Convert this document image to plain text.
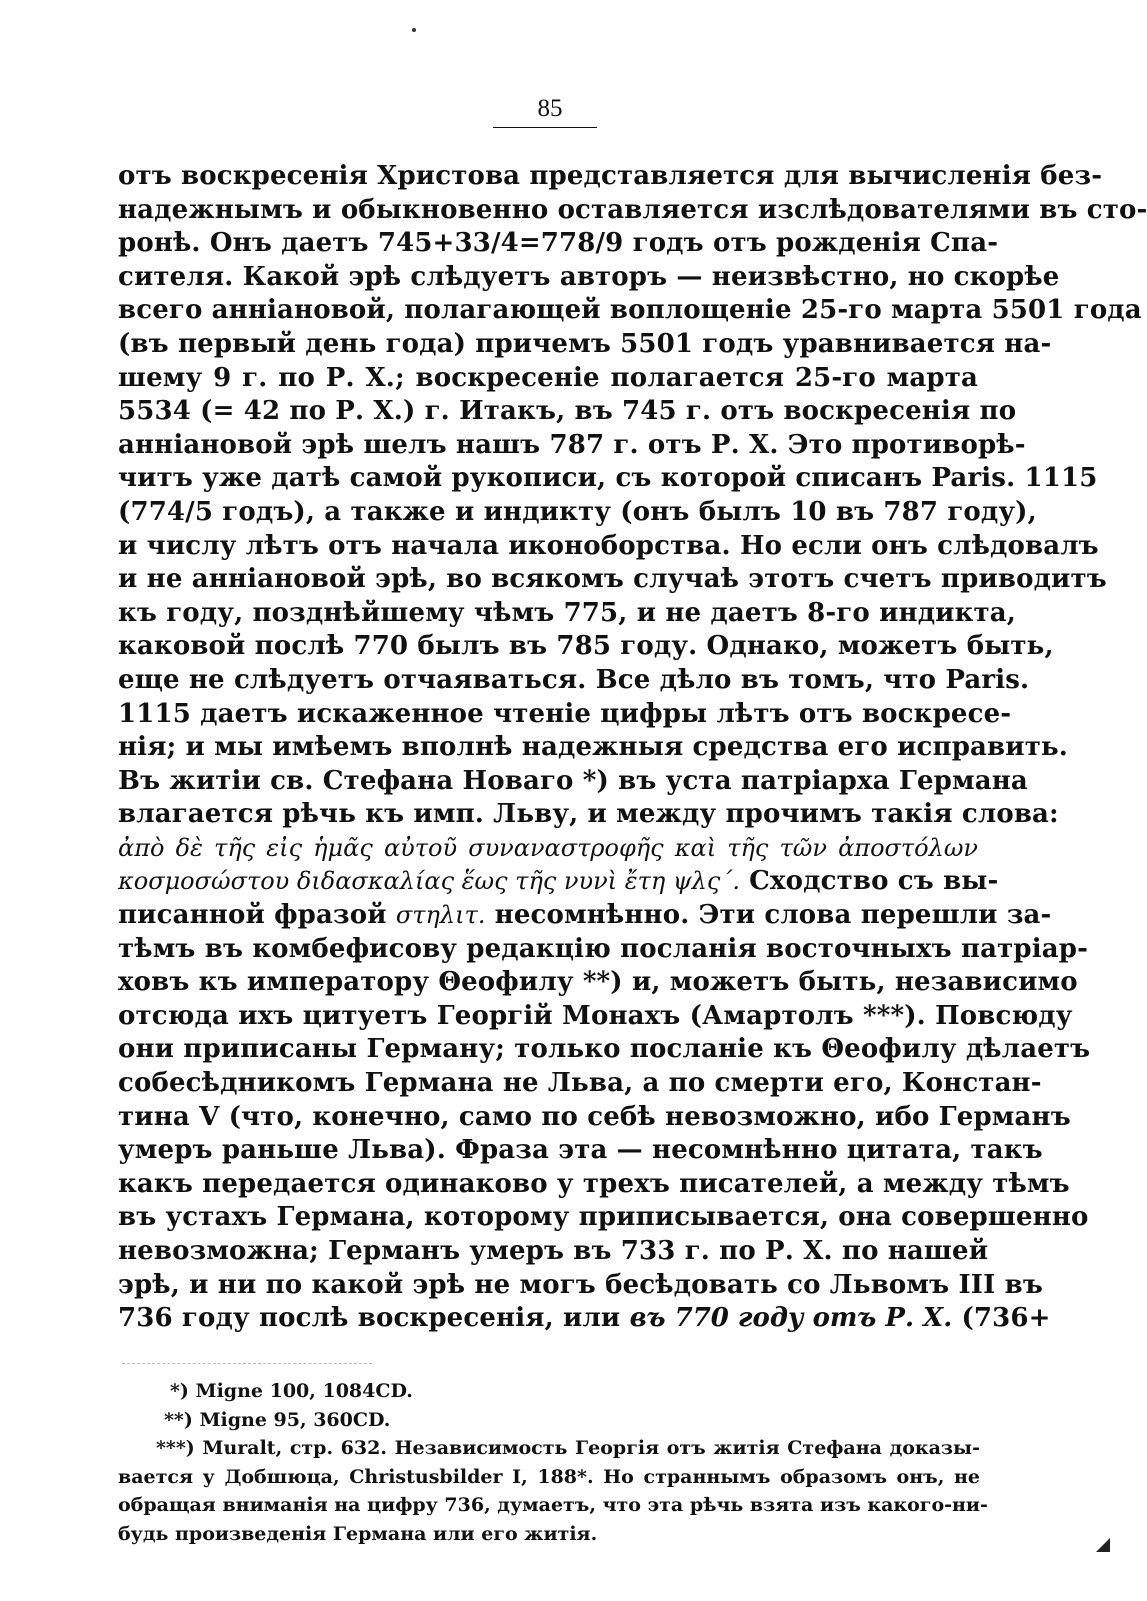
85

отъ воскресенія Христова представляется для вычисленія без-
надежнымъ и обыкновенно оставляется изслѣдователями въ сто-
ронѣ. Онъ даетъ 745+33/4=778/9 годъ отъ рожденія Спа-
сителя. Какой эрѣ слѣдуетъ авторъ — неизвѣстно, но скорѣе
всего анніановой, полагающей воплощеніе 25-го марта 5501 года
(въ первый день года) причемъ 5501 годъ уравнивается на-
шему 9 г. по Р. Х.; воскресеніе полагается 25-го марта
5534 (= 42 по Р. Х.) г. Итакъ, въ 745 г. отъ воскресенія по
анніановой эрѣ шелъ нашъ 787 г. отъ Р. Х. Это противорѣ-
читъ уже датѣ самой рукописи, съ которой списанъ Paris. 1115
(774/5 годъ), а также и индикту (онъ былъ 10 въ 787 году),
и числу лѣтъ отъ начала иконоборства. Но если онъ слѣдовалъ
и не анніановой эрѣ, во всякомъ случаѣ этотъ счетъ приводитъ
къ году, позднѣйшему чѣмъ 775, и не даетъ 8-го индикта,
каковой послѣ 770 былъ въ 785 году. Однако, можетъ быть,
еще не слѣдуетъ отчаяваться. Все дѣло въ томъ, что Paris.
1115 даетъ искаженное чтеніе цифры лѣтъ отъ воскресе-
нія; и мы имѣемъ вполнѣ надежныя средства его исправить.
Въ житіи св. Стефана Новаго *) въ уста патріарха Германа
влагается рѣчь къ имп. Льву, и между прочимъ такія слова:
ἀπὸ δὲ τῆς εἰς ἡμᾶς αὐτοῦ συναναστροφῆς καὶ τῆς τῶν ἀποστόλων
κοσμοσώστου διδασκαλίας ἕως τῆς νυνὶ ἔτη ψλς΄. Сходство съ вы-
писанной фразой στηλιτ. несомнѣнно. Эти слова перешли за-
тѣмъ въ комбефисову редакцію посланія восточныхъ патріар-
ховъ къ императору Θеофилу **) и, можетъ быть, независимо
отсюда ихъ цитуетъ Георгій Монахъ (Амартолъ ***). Повсюду
они приписаны Герману; только посланіе къ Θеофилу дѣлаетъ
собесѣдникомъ Германа не Льва, а по смерти его, Констан-
тина V (что, конечно, само по себѣ невозможно, ибо Германъ
умеръ раньше Льва). Фраза эта — несомнѣнно цитата, такъ
какъ передается одинаково у трехъ писателей, а между тѣмъ
въ устахъ Германа, которому приписывается, она совершенно
невозможна; Германъ умеръ въ 733 г. по Р. Х. по нашей
эрѣ, и ни по какой эрѣ не могъ бесѣдовать со Львомъ III въ
736 году послѣ воскресенія, или въ 770 году отъ Р. Х. (736+
*) Migne 100, 1084CD.
**) Migne 95, 360CD.
***) Muralt, стр. 632. Независимость Георгія отъ житія Стефана доказы-
вается у Добшюца, Christusbilder I, 188*. Но страннымъ образомъ онъ, не
обращая вниманія на цифру 736, думаетъ, что эта рѣчь взята изъ какого-ни-
будь произведенія Германа или его житія.
